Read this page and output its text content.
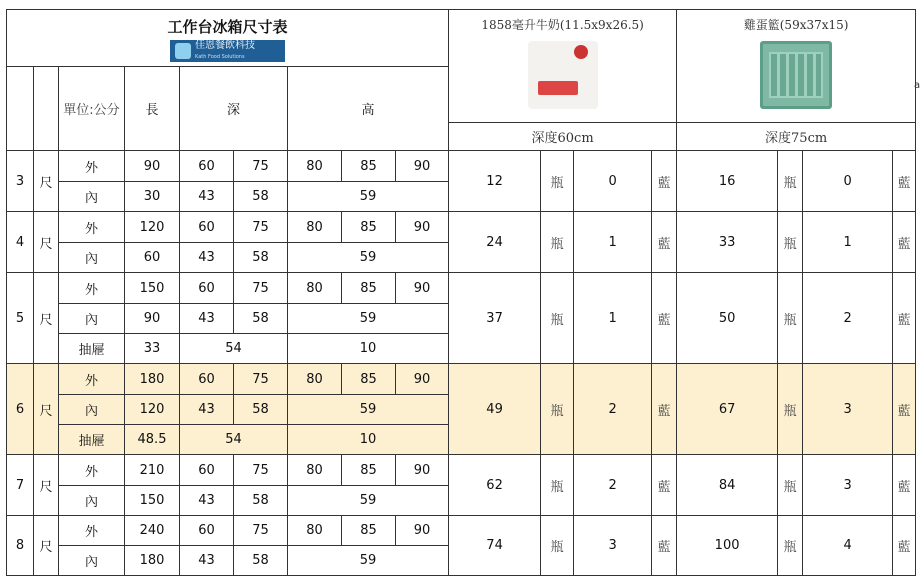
工作台冰箱尺寸表
佳恩餐飲科技
Kath Food Solutions									1858毫升牛奶(11.5x9x26.5)				雞蛋籃(59x37x15)			

		單位:公分	長	深		高										
									深度60cm				深度75cm			
3	尺	外	90	60	75	80	85	90	12	瓶	0	藍	16	瓶	0	藍
		內	30	43	58	59										
4	尺	外	120	60	75	80	85	90	24	瓶	1	藍	33	瓶	1	藍
		內	60	43	58	59										
5	尺	外	150	60	75	80	85	90	37	瓶	1	藍	50	瓶	2	藍
		內	90	43	58	59										
		抽屜	33	54		10										
6	尺	外	180	60	75	80	85	90	49	瓶	2	藍	67	瓶	3	藍
		內	120	43	58	59										
		抽屜	48.5	54		10										
7	尺	外	210	60	75	80	85	90	62	瓶	2	藍	84	瓶	3	藍
		內	150	43	58	59										
8	尺	外	240	60	75	80	85	90	74	瓶	3	藍	100	瓶	4	藍
		內	180	43	58	59										
a
